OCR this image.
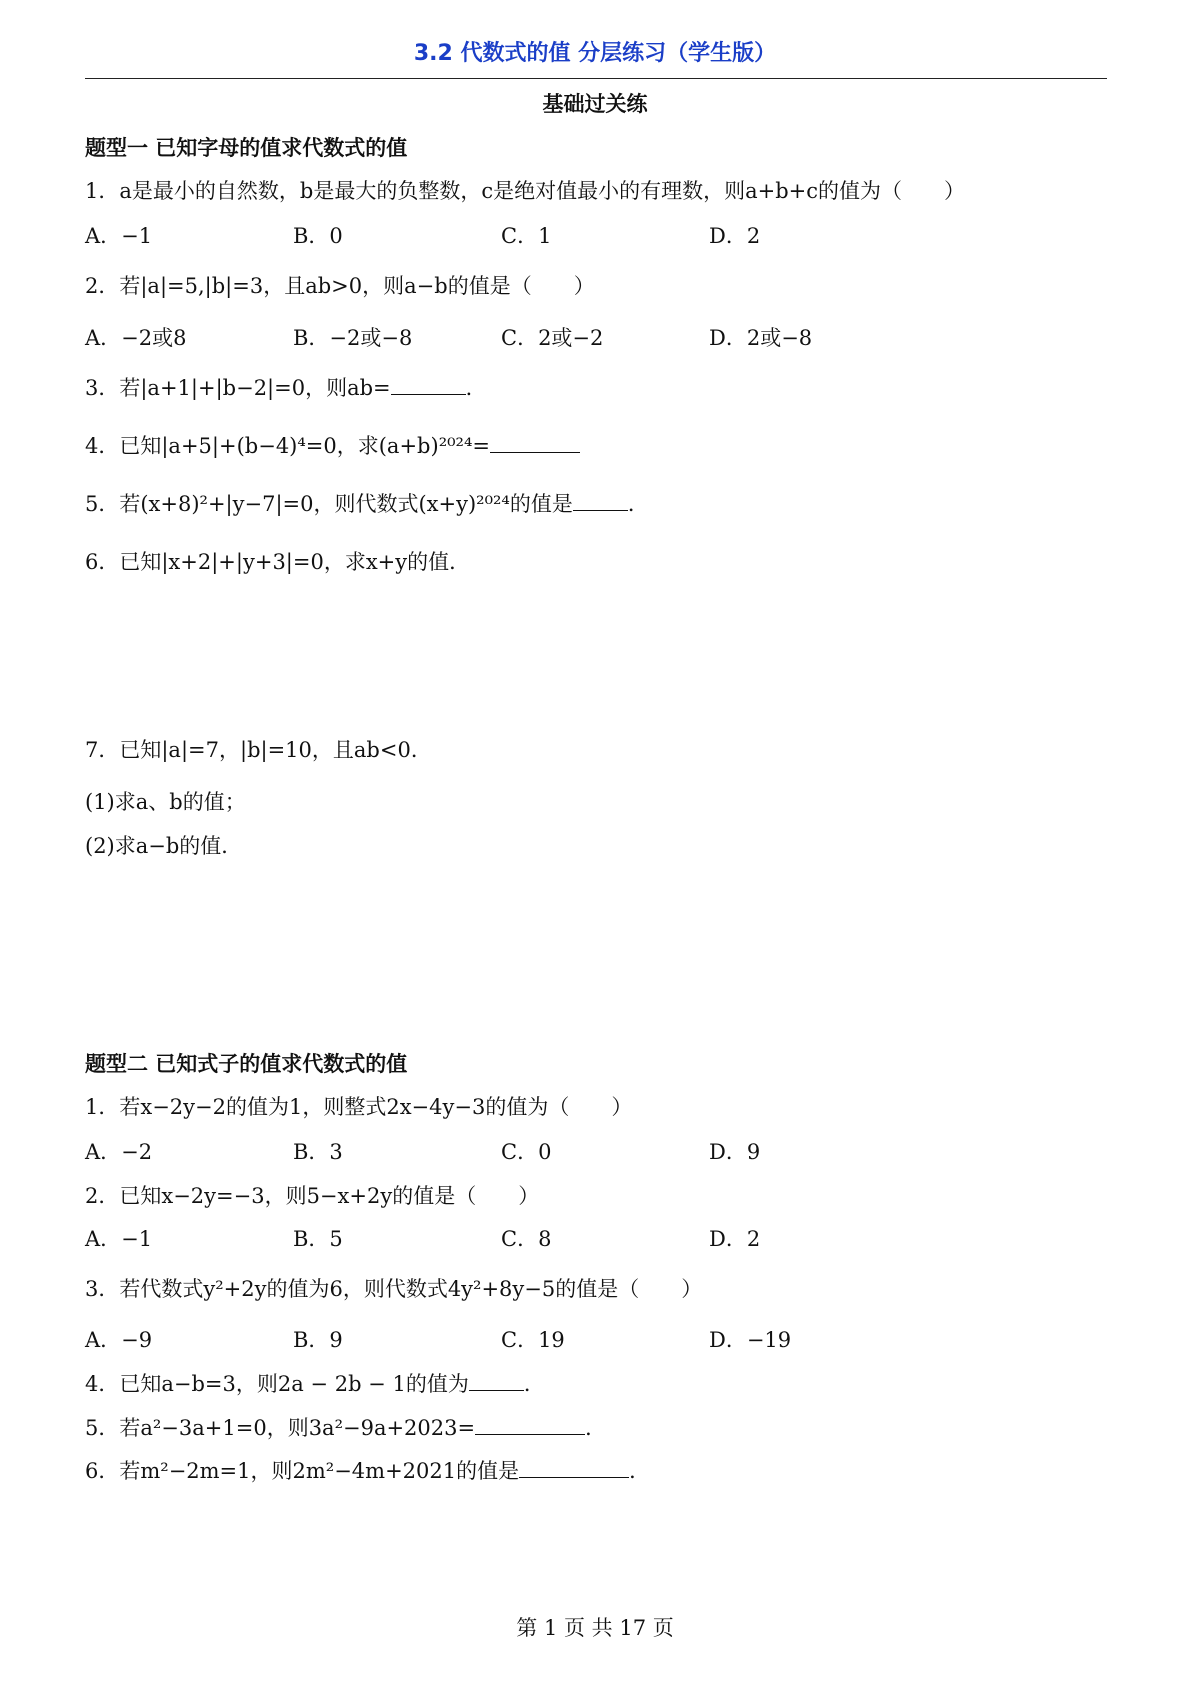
3.2 代数式的值 分层练习（学生版）
基础过关练
题型一 已知字母的值求代数式的值
1．a是最小的自然数，b是最大的负整数，c是绝对值最小的有理数，则a+b+c的值为（　　）
A．−1	B．0	C．1	D．2
2．若|a|=5,|b|=3，且ab>0，则a−b的值是（　　）
A．−2或8	B．−2或−8	C．2或−2	D．2或−8
3．若|a+1|+|b−2|=0，则ab=	．
4．已知|a+5|+(b−4)⁴=0，求(a+b)²⁰²⁴=
5．若(x+8)²+|y−7|=0，则代数式(x+y)²⁰²⁴的值是	．
6．已知|x+2|+|y+3|=0，求x+y的值．
7．已知|a|=7，|b|=10，且ab<0．
(1)求a、b的值；
(2)求a−b的值．
题型二 已知式子的值求代数式的值
1．若x−2y−2的值为1，则整式2x−4y−3的值为（　　）
A．−2	B．3	C．0	D．9
2．已知x−2y=−3，则5−x+2y的值是（　　）
A．−1	B．5	C．8	D．2
3．若代数式y²+2y的值为6，则代数式4y²+8y−5的值是（　　）
A．−9	B．9	C．19	D．−19
4．已知a−b=3，则2a − 2b − 1的值为	．
5．若a²−3a+1=0，则3a²−9a+2023=	．
6．若m²−2m=1，则2m²−4m+2021的值是	．
第 1 页 共 17 页
